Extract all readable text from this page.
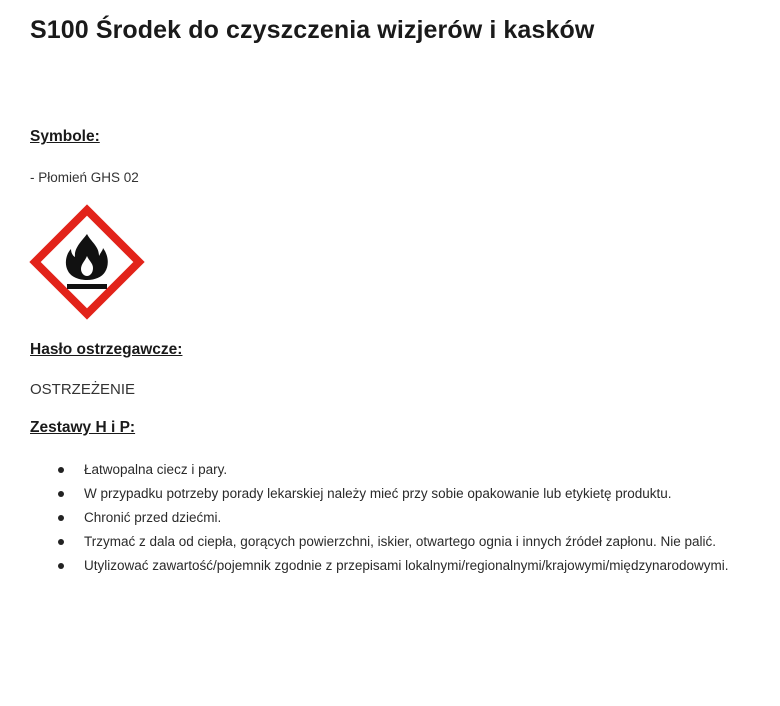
S100 Środek do czyszczenia wizjerów i kasków
Symbole:

- Płomień GHS 02

Hasło ostrzegawcze:

OSTRZEŻENIE

Zestawy H i P:
Łatwopalna ciecz i pary.
W przypadku potrzeby porady lekarskiej należy mieć przy sobie opakowanie lub etykietę produktu.
Chronić przed dziećmi.
Trzymać z dala od ciepła, gorących powierzchni, iskier, otwartego ognia i innych źródeł zapłonu. Nie palić.
Utylizować zawartość/pojemnik zgodnie z przepisami lokalnymi/regionalnymi/krajowymi/międzynarodowymi.
